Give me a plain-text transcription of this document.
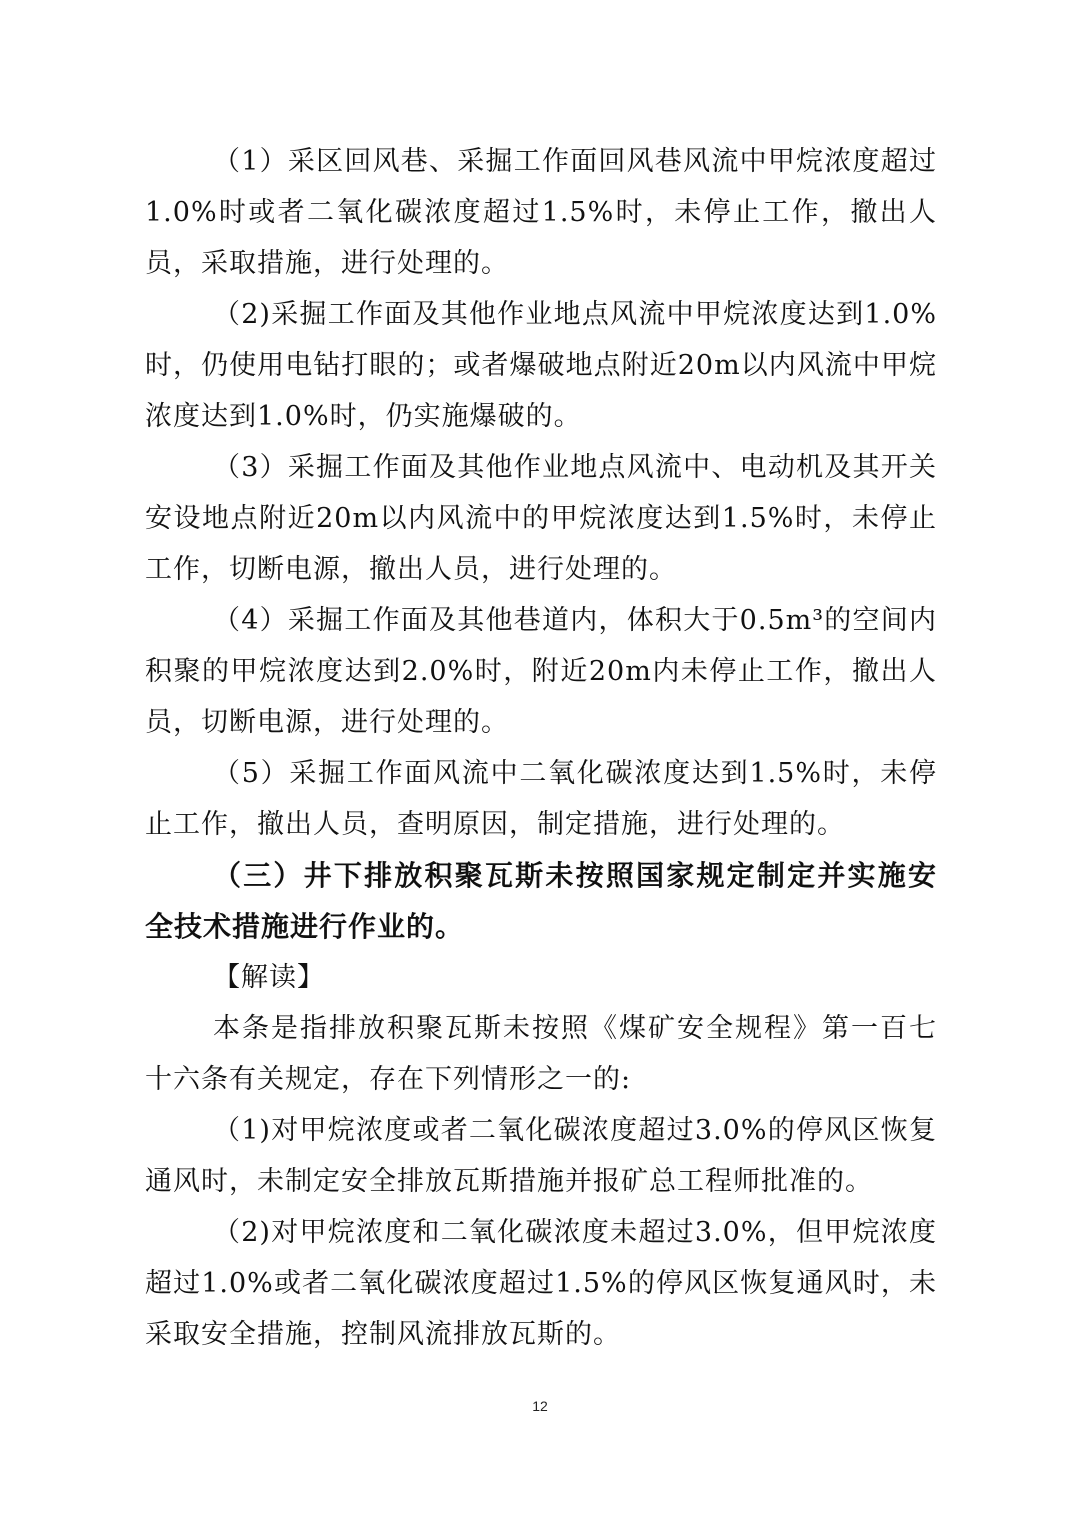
（1）采区回风巷、采掘工作面回风巷风流中甲烷浓度超过1.0%时或者二氧化碳浓度超过1.5%时，未停止工作，撤出人员，采取措施，进行处理的。

（2)采掘工作面及其他作业地点风流中甲烷浓度达到1.0%时，仍使用电钻打眼的；或者爆破地点附近20m以内风流中甲烷浓度达到1.0%时，仍实施爆破的。

（3）采掘工作面及其他作业地点风流中、电动机及其开关安设地点附近20m以内风流中的甲烷浓度达到1.5%时，未停止工作，切断电源，撤出人员，进行处理的。

（4）采掘工作面及其他巷道内，体积大于0.5m³的空间内积聚的甲烷浓度达到2.0%时，附近20m内未停止工作，撤出人员，切断电源，进行处理的。

（5）采掘工作面风流中二氧化碳浓度达到1.5%时，未停止工作，撤出人员，查明原因，制定措施，进行处理的。

（三）井下排放积聚瓦斯未按照国家规定制定并实施安全技术措施进行作业的。

【解读】

本条是指排放积聚瓦斯未按照《煤矿安全规程》第一百七十六条有关规定，存在下列情形之一的:

（1)对甲烷浓度或者二氧化碳浓度超过3.0%的停风区恢复通风时，未制定安全排放瓦斯措施并报矿总工程师批准的。

（2)对甲烷浓度和二氧化碳浓度未超过3.0%，但甲烷浓度超过1.0%或者二氧化碳浓度超过1.5%的停风区恢复通风时，未采取安全措施，控制风流排放瓦斯的。

12
